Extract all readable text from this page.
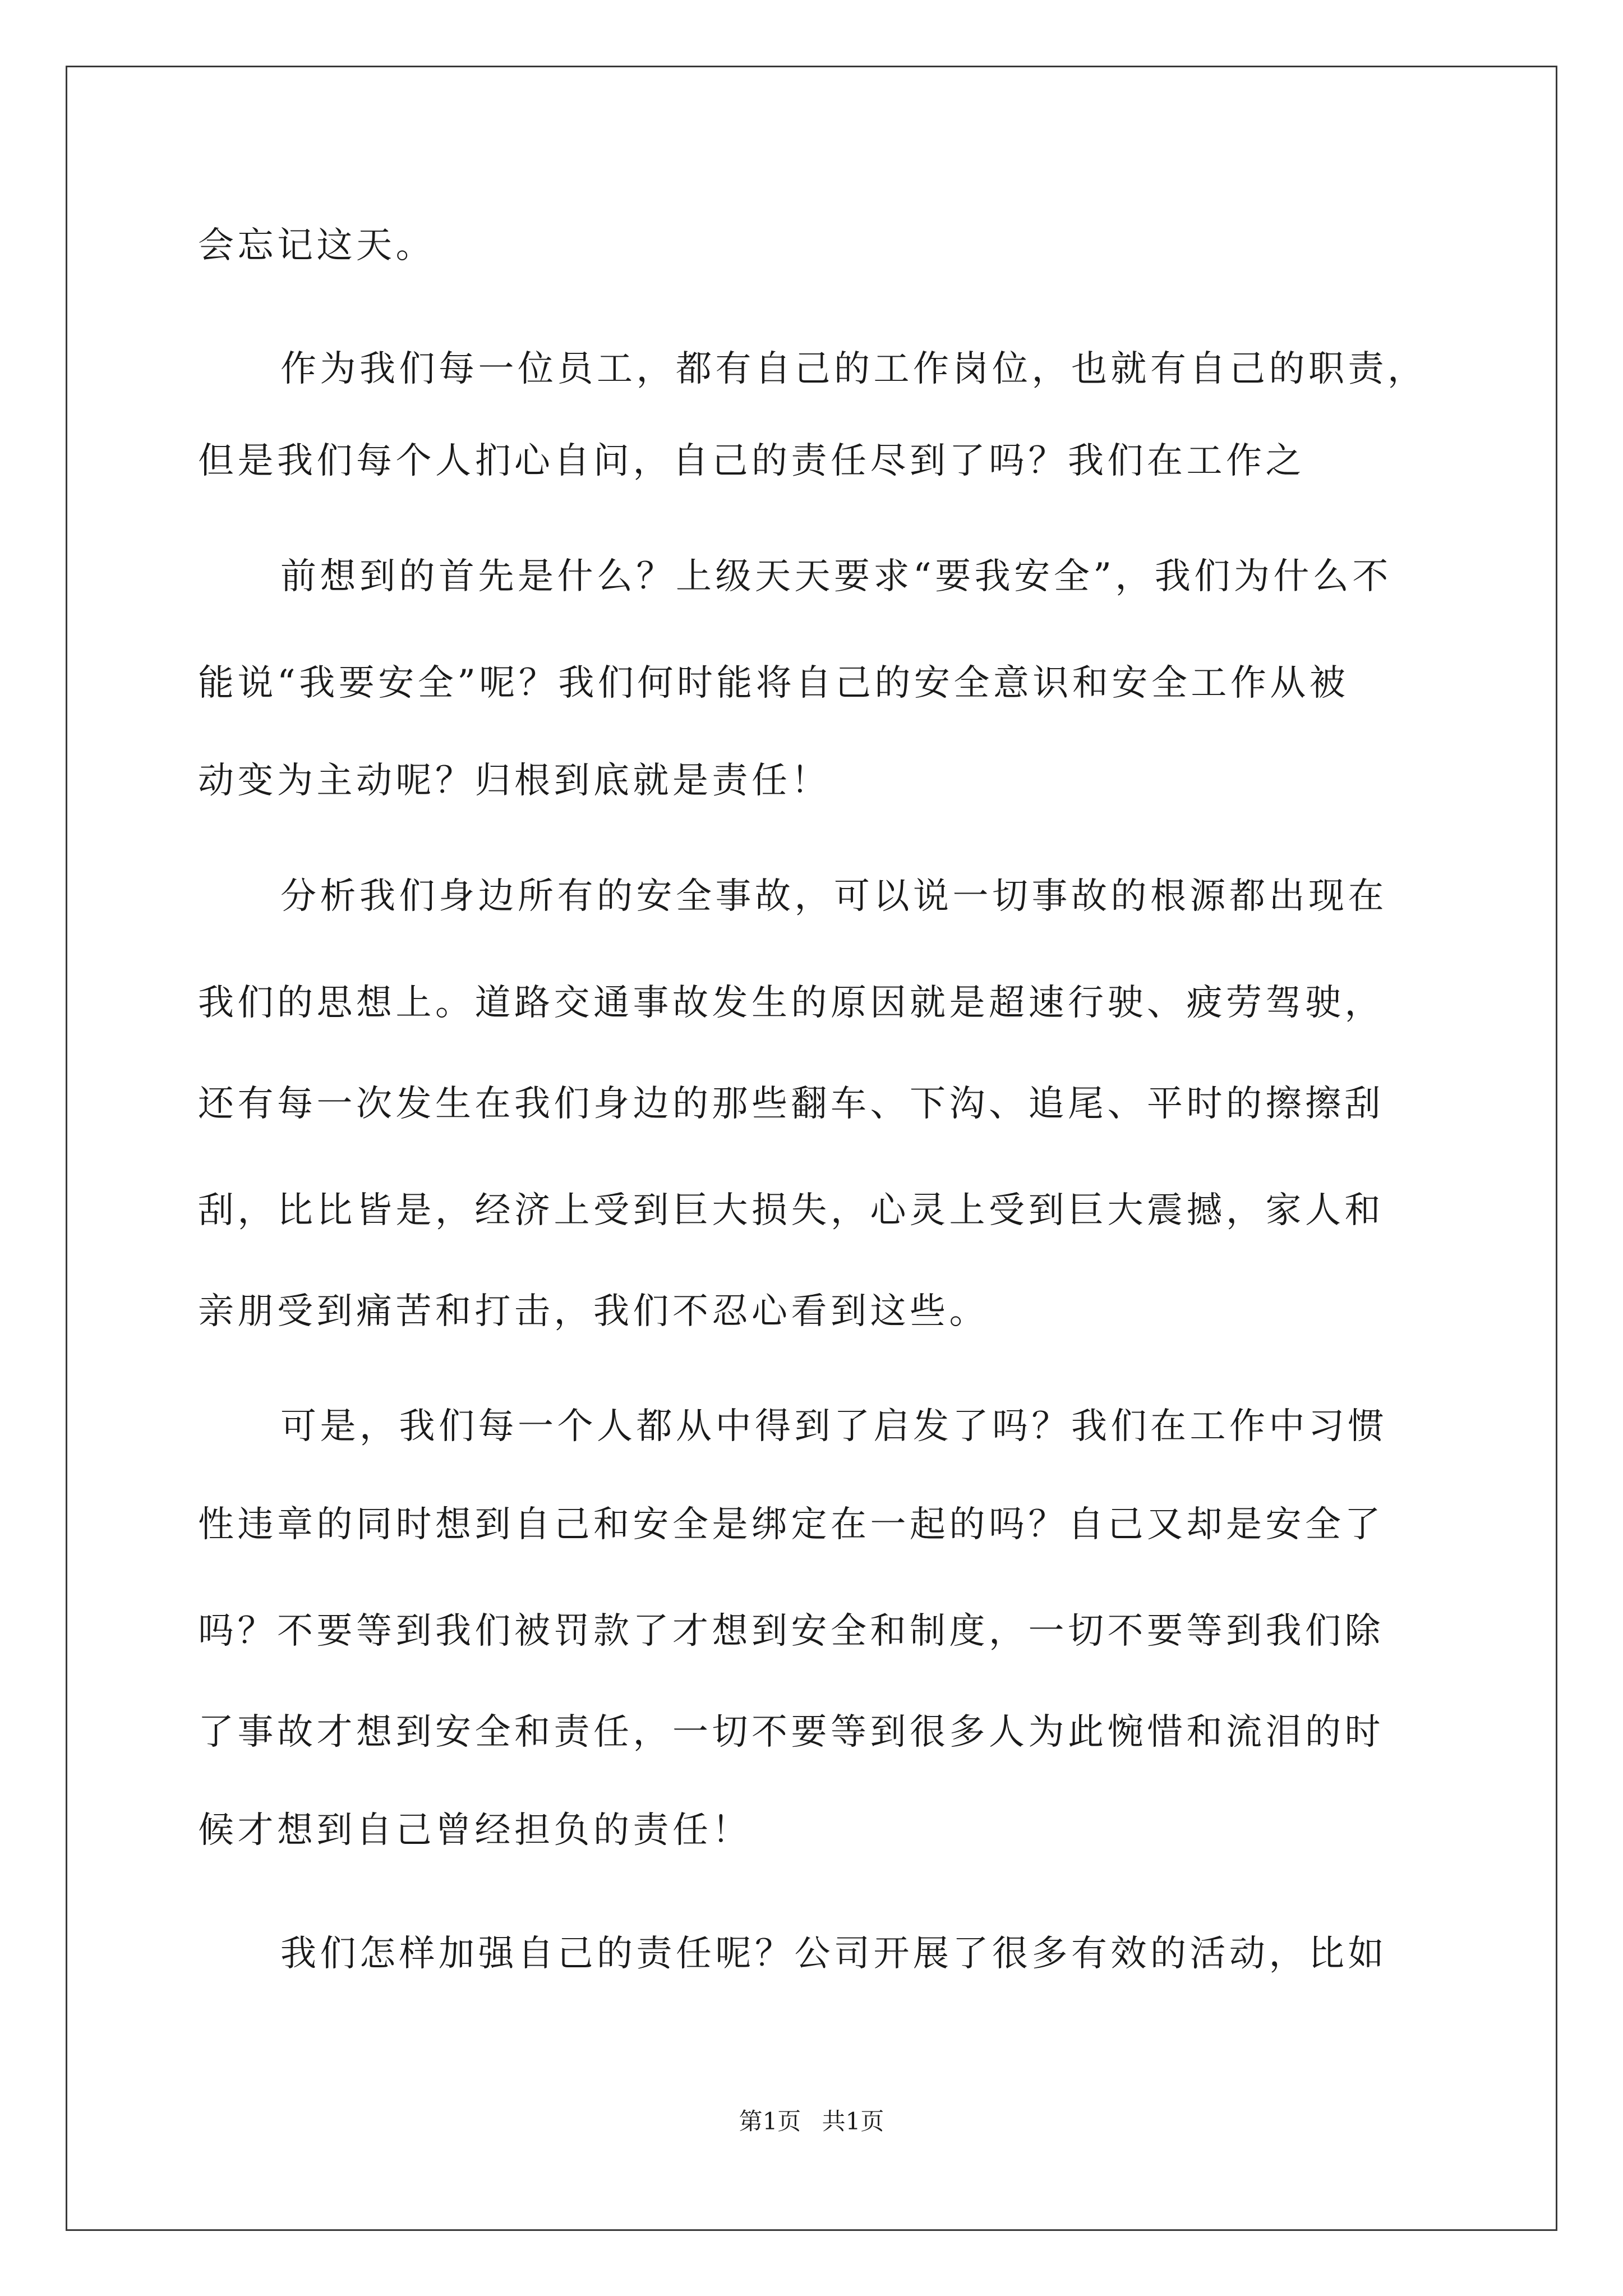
会忘记这天。
作为我们每一位员工，都有自己的工作岗位，也就有自己的职责，
但是我们每个人扪心自问，自己的责任尽到了吗？我们在工作之
前想到的首先是什么？上级天天要求“要我安全”，我们为什么不
能说“我要安全”呢？我们何时能将自己的安全意识和安全工作从被
动变为主动呢？归根到底就是责任！
分析我们身边所有的安全事故，可以说一切事故的根源都出现在
我们的思想上。道路交通事故发生的原因就是超速行驶、疲劳驾驶，
还有每一次发生在我们身边的那些翻车、下沟、追尾、平时的擦擦刮
刮，比比皆是，经济上受到巨大损失，心灵上受到巨大震撼，家人和
亲朋受到痛苦和打击，我们不忍心看到这些。
可是，我们每一个人都从中得到了启发了吗？我们在工作中习惯
性违章的同时想到自己和安全是绑定在一起的吗？自己又却是安全了
吗？不要等到我们被罚款了才想到安全和制度，一切不要等到我们除
了事故才想到安全和责任，一切不要等到很多人为此惋惜和流泪的时
候才想到自己曾经担负的责任！
我们怎样加强自己的责任呢？公司开展了很多有效的活动，比如
第1页 共1页
